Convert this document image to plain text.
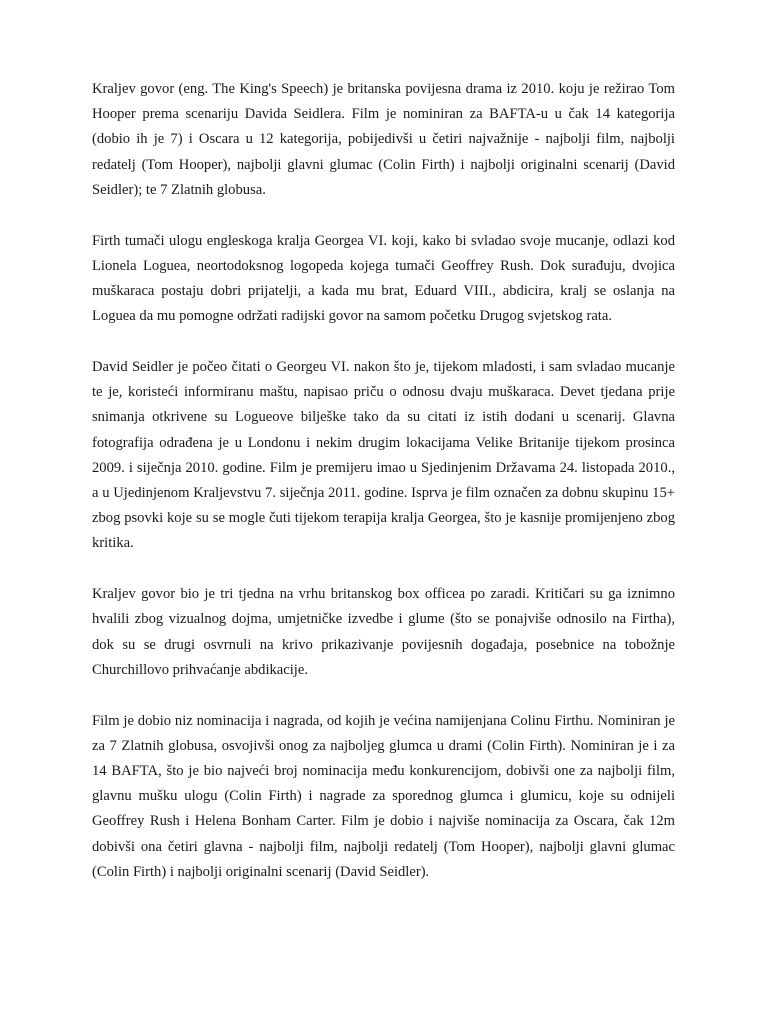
Kraljev govor (eng. The King's Speech) je britanska povijesna drama iz 2010. koju je režirao Tom Hooper prema scenariju Davida Seidlera. Film je nominiran za BAFTA-u u čak 14 kategorija (dobio ih je 7) i Oscara u 12 kategorija, pobijedivši u četiri najvažnije - najbolji film, najbolji redatelj (Tom Hooper), najbolji glavni glumac (Colin Firth) i najbolji originalni scenarij (David Seidler); te 7 Zlatnih globusa.

Firth tumači ulogu engleskoga kralja Georgea VI. koji, kako bi svladao svoje mucanje, odlazi kod Lionela Loguea, neortodoksnog logopeda kojega tumači Geoffrey Rush. Dok surađuju, dvojica muškaraca postaju dobri prijatelji, a kada mu brat, Eduard VIII., abdicira, kralj se oslanja na Loguea da mu pomogne održati radijski govor na samom početku Drugog svjetskog rata.

David Seidler je počeo čitati o Georgeu VI. nakon što je, tijekom mladosti, i sam svladao mucanje te je, koristeći informiranu maštu, napisao priču o odnosu dvaju muškaraca. Devet tjedana prije snimanja otkrivene su Logueove bilješke tako da su citati iz istih dodani u scenarij. Glavna fotografija odrađena je u Londonu i nekim drugim lokacijama Velike Britanije tijekom prosinca 2009. i siječnja 2010. godine. Film je premijeru imao u Sjedinjenim Državama 24. listopada 2010., a u Ujedinjenom Kraljevstvu 7. siječnja 2011. godine. Isprva je film označen za dobnu skupinu 15+ zbog psovki koje su se mogle čuti tijekom terapija kralja Georgea, što je kasnije promijenjeno zbog kritika.

Kraljev govor bio je tri tjedna na vrhu britanskog box officea po zaradi. Kritičari su ga iznimno hvalili zbog vizualnog dojma, umjetničke izvedbe i glume (što se ponajviše odnosilo na Firtha), dok su se drugi osvrnuli na krivo prikazivanje povijesnih događaja, posebnice na tobožnje Churchillovo prihvaćanje abdikacije.

Film je dobio niz nominacija i nagrada, od kojih je većina namijenjana Colinu Firthu. Nominiran je za 7 Zlatnih globusa, osvojivši onog za najboljeg glumca u drami (Colin Firth). Nominiran je i za 14 BAFTA, što je bio najveći broj nominacija među konkurencijom, dobivši one za najbolji film, glavnu mušku ulogu (Colin Firth) i nagrade za sporednog glumca i glumicu, koje su odnijeli Geoffrey Rush i Helena Bonham Carter. Film je dobio i najviše nominacija za Oscara, čak 12m dobivši ona četiri glavna - najbolji film, najbolji redatelj (Tom Hooper), najbolji glavni glumac (Colin Firth) i najbolji originalni scenarij (David Seidler).
